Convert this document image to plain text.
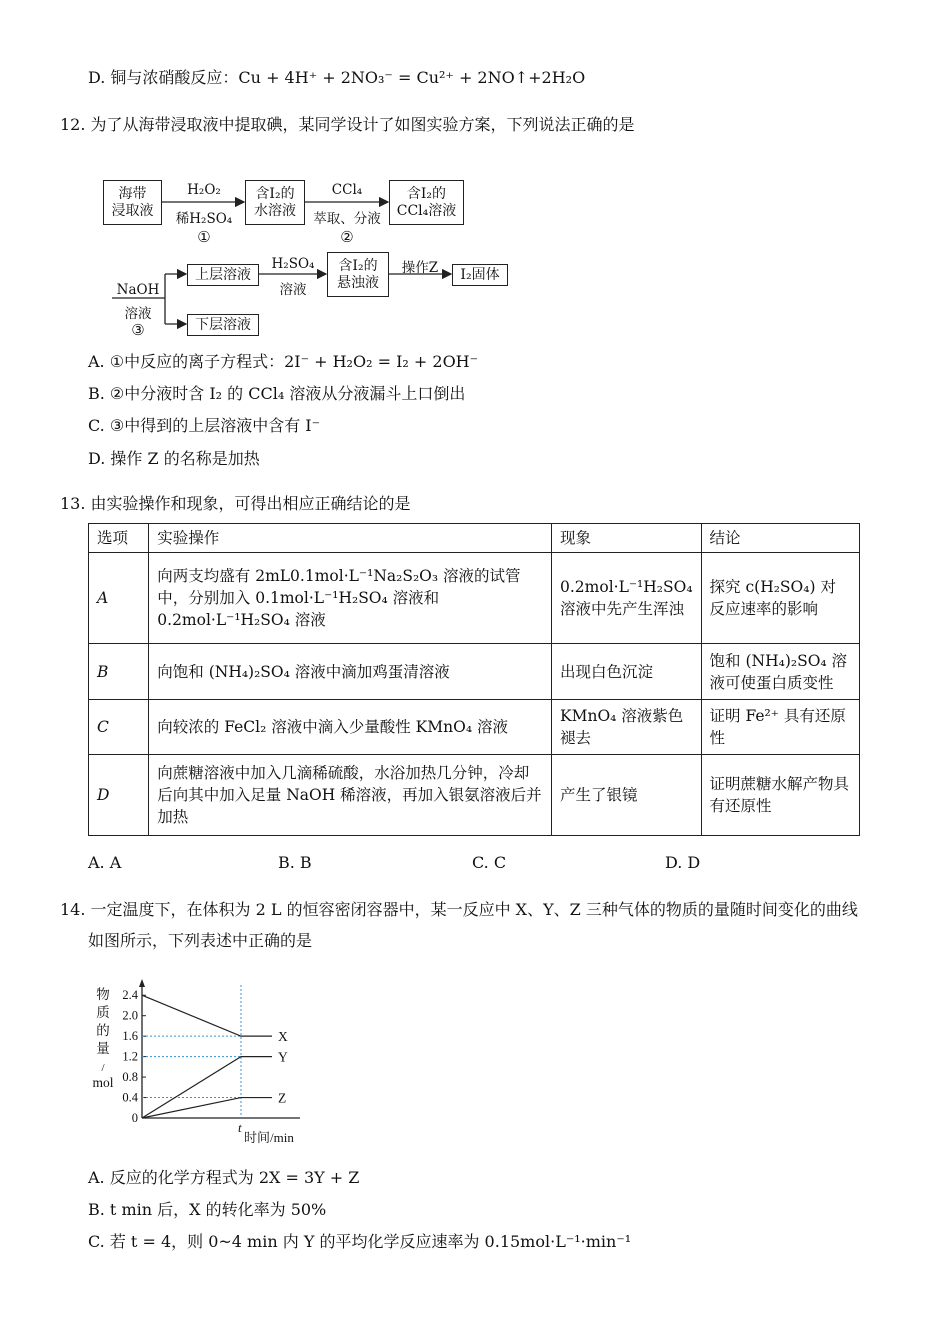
D. 铜与浓硝酸反应：Cu + 4H⁺ + 2NO₃⁻ = Cu²⁺ + 2NO↑+2H₂O
12. 为了从海带浸取液中提取碘，某同学设计了如图实验方案，下列说法正确的是
海带
浸取液
H₂O₂
稀H₂SO₄
①
含I₂的
水溶液
CCl₄
萃取、分液
②
含I₂的
CCl₄溶液
NaOH
溶液
③
上层溶液
H₂SO₄
溶液
含I₂的
悬浊液
操作Z	I₂固体
下层溶液
A. ①中反应的离子方程式：2I⁻ + H₂O₂ = I₂ + 2OH⁻
B. ②中分液时含 I₂ 的 CCl₄ 溶液从分液漏斗上口倒出
C. ③中得到的上层溶液中含有 I⁻
D. 操作 Z 的名称是加热
13. 由实验操作和现象，可得出相应正确结论的是
选项	实验操作	现象	结论
A	向两支均盛有 2mL0.1mol·L⁻¹Na₂S₂O₃ 溶液的试管中，分别加入 0.1mol·L⁻¹H₂SO₄ 溶液和 0.2mol·L⁻¹H₂SO₄ 溶液	0.2mol·L⁻¹H₂SO₄ 溶液中先产生浑浊	探究 c(H₂SO₄) 对反应速率的影响
B	向饱和 (NH₄)₂SO₄ 溶液中滴加鸡蛋清溶液	出现白色沉淀	饱和 (NH₄)₂SO₄ 溶液可使蛋白质变性
C	向较浓的 FeCl₂ 溶液中滴入少量酸性 KMnO₄ 溶液	KMnO₄ 溶液紫色褪去	证明 Fe²⁺ 具有还原性
D	向蔗糖溶液中加入几滴稀硫酸，水浴加热几分钟，冷却后向其中加入足量 NaOH 稀溶液，再加入银氨溶液后并加热	产生了银镜	证明蔗糖水解产物具有还原性
A. A	B. B	C. C	D. D
14. 一定温度下，在体积为 2 L 的恒容密闭容器中，某一反应中 X、Y、Z 三种气体的物质的量随时间变化的曲线
如图所示，下列表述中正确的是
0
0.4
0.8
1.2
1.6
2.0
2.4
X
Y
Z
t
时间/min
物
质
的
量
/
mol
A. 反应的化学方程式为 2X = 3Y + Z
B. t min 后，X 的转化率为 50%
C. 若 t = 4，则 0~4 min 内 Y 的平均化学反应速率为 0.15mol·L⁻¹·min⁻¹
